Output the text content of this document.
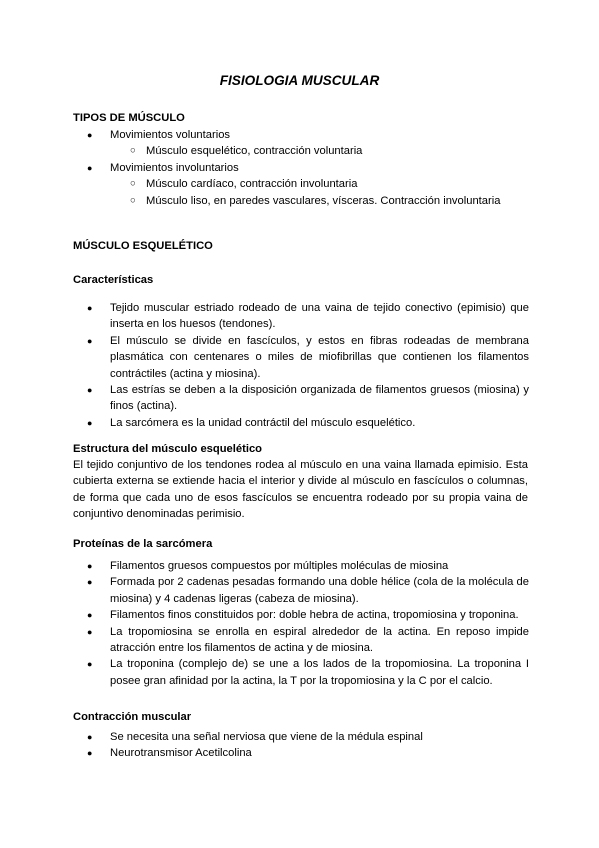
FISIOLOGIA MUSCULAR
TIPOS DE MÚSCULO
● Movimientos voluntarios
○ Músculo esquelético, contracción voluntaria
● Movimientos involuntarios
○ Músculo cardíaco, contracción involuntaria
○ Músculo liso, en paredes vasculares, vísceras. Contracción involuntaria
MÚSCULO ESQUELÉTICO
Características
● Tejido muscular estriado rodeado de una vaina de tejido conectivo (epimisio) que inserta en los huesos (tendones).
● El músculo se divide en fascículos, y estos en fibras rodeadas de membrana plasmática con centenares o miles de miofibrillas que contienen los filamentos contráctiles (actina y miosina).
● Las estrías se deben a la disposición organizada de filamentos gruesos (miosina) y finos (actina).
● La sarcómera es la unidad contráctil del músculo esquelético.
Estructura del músculo esquelético
El tejido conjuntivo de los tendones rodea al músculo en una vaina llamada epimisio. Esta cubierta externa se extiende hacia el interior y divide al músculo en fascículos o columnas, de forma que cada uno de esos fascículos se encuentra rodeado por su propia vaina de conjuntivo denominadas perimisio.
Proteínas de la sarcómera
● Filamentos gruesos compuestos por múltiples moléculas de miosina
● Formada por 2 cadenas pesadas formando una doble hélice (cola de la molécula de miosina) y 4 cadenas ligeras (cabeza de miosina).
● Filamentos finos constituidos por: doble hebra de actina, tropomiosina y troponina.
● La tropomiosina se enrolla en espiral alrededor de la actina. En reposo impide atracción entre los filamentos de actina y de miosina.
● La troponina (complejo de) se une a los lados de la tropomiosina. La troponina I posee gran afinidad por la actina, la T por la tropomiosina y la C por el calcio.
Contracción muscular
● Se necesita una señal nerviosa que viene de la médula espinal
● Neurotransmisor Acetilcolina
